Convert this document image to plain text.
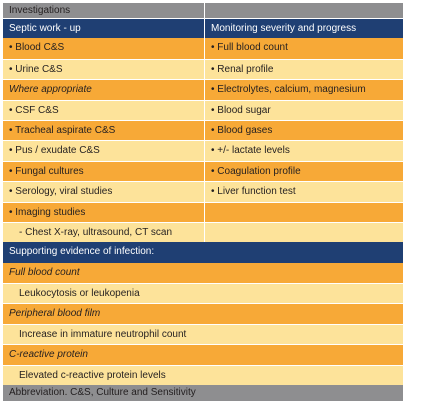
Investigations
Septic work - up	Monitoring severity and progress
• Blood C&S	• Full blood count
• Urine C&S	• Renal profile
Where appropriate	• Electrolytes, calcium, magnesium
• CSF C&S	• Blood sugar
• Tracheal aspirate C&S	• Blood gases
• Pus / exudate C&S	• +/- lactate levels
• Fungal cultures	• Coagulation profile
• Serology, viral studies	• Liver function test
• Imaging studies
- Chest X-ray, ultrasound, CT scan
Supporting evidence of infection:
Full blood count
Leukocytosis or leukopenia
Peripheral blood film
Increase in immature neutrophil count
C-reactive protein
Elevated c-reactive protein levels
Abbreviation. C&S, Culture and Sensitivity
